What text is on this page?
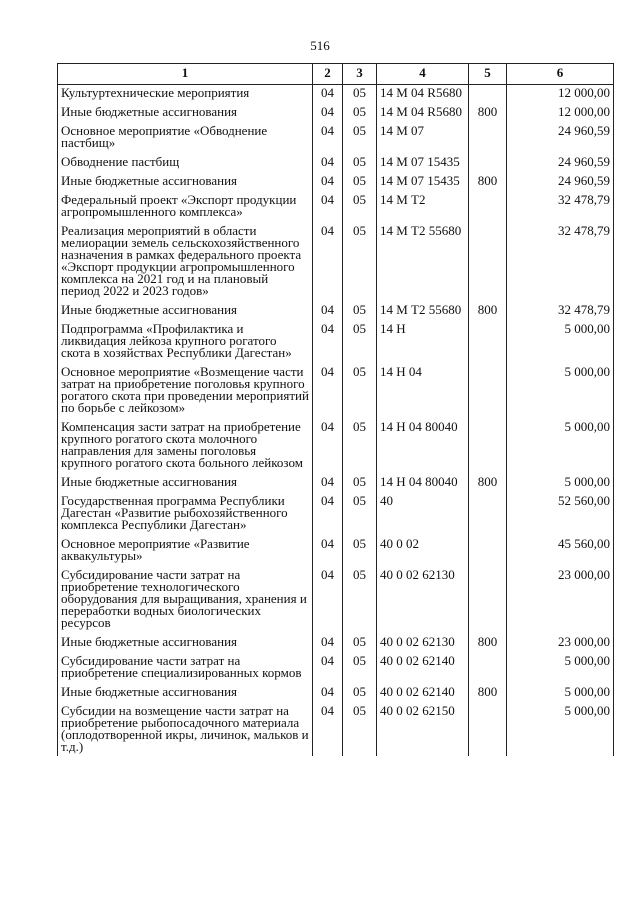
516
1	2	3	4	5	6
Культуртехнические мероприятия	04	05	14 М 04 R5680		12 000,00
Иные бюджетные ассигнования	04	05	14 М 04 R5680	800	12 000,00
Основное мероприятие «Обводнение пастбищ»	04	05	14 М 07		24 960,59
Обводнение пастбищ	04	05	14 М 07 15435		24 960,59
Иные бюджетные ассигнования	04	05	14 М 07 15435	800	24 960,59
Федеральный проект «Экспорт продукции агропромышленного комплекса»	04	05	14 М Т2		32 478,79
Реализация мероприятий в области мелиорации земель сельскохозяйственного назначения в рамках федерального проекта «Экспорт продукции агропромышленного комплекса на 2021 год и на плановый период 2022 и 2023 годов»	04	05	14 М Т2 55680		32 478,79
Иные бюджетные ассигнования	04	05	14 М Т2 55680	800	32 478,79
Подпрограмма «Профилактика и ликвидация лейкоза крупного рогатого скота в хозяйствах Республики Дагестан»	04	05	14 Н		5 000,00
Основное мероприятие «Возмещение части затрат на приобретение поголовья крупного рогатого скота при проведении мероприятий по борьбе с лейкозом»	04	05	14 Н 04		5 000,00
Компенсация засти затрат на приобретение крупного рогатого скота молочного направления для замены поголовья крупного рогатого скота больного лейкозом	04	05	14 Н 04 80040		5 000,00
Иные бюджетные ассигнования	04	05	14 Н 04 80040	800	5 000,00
Государственная программа Республики Дагестан «Развитие рыбохозяйственного комплекса Республики Дагестан»	04	05	40		52 560,00
Основное мероприятие «Развитие аквакультуры»	04	05	40 0 02		45 560,00
Субсидирование части затрат на приобретение технологического оборудования для выращивания, хранения и переработки водных биологических ресурсов	04	05	40 0 02 62130		23 000,00
Иные бюджетные ассигнования	04	05	40 0 02 62130	800	23 000,00
Субсидирование части затрат на приобретение специализированных кормов	04	05	40 0 02 62140		5 000,00
Иные бюджетные ассигнования	04	05	40 0 02 62140	800	5 000,00
Субсидии на возмещение части затрат на приобретение рыбопосадочного материала (оплодотворенной икры, личинок, мальков и т.д.)	04	05	40 0 02 62150		5 000,00
